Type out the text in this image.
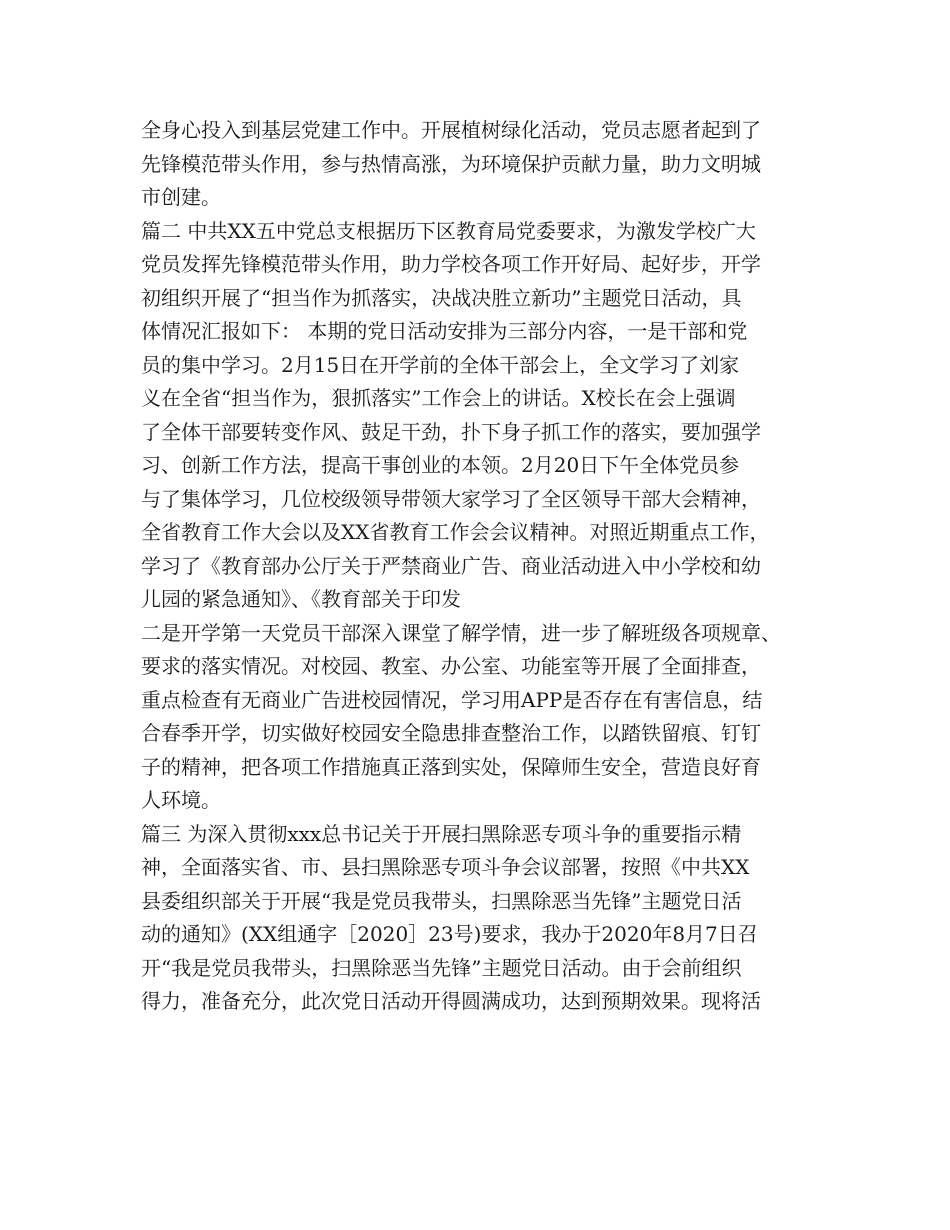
全身心投入到基层党建工作中。开展植树绿化活动，党员志愿者起到了
先锋模范带头作用，参与热情高涨，为环境保护贡献力量，助力文明城
市创建。
篇二 中共XX五中党总支根据历下区教育局党委要求，为激发学校广大
党员发挥先锋模范带头作用，助力学校各项工作开好局、起好步，开学
初组织开展了“担当作为抓落实，决战决胜立新功”主题党日活动，具
体情况汇报如下： 本期的党日活动安排为三部分内容，一是干部和党
员的集中学习。2月15日在开学前的全体干部会上，全文学习了刘家
义在全省“担当作为，狠抓落实”工作会上的讲话。X校长在会上强调
了全体干部要转变作风、鼓足干劲，扑下身子抓工作的落实，要加强学
习、创新工作方法，提高干事创业的本领。2月20日下午全体党员参
与了集体学习，几位校级领导带领大家学习了全区领导干部大会精神，
全省教育工作大会以及XX省教育工作会会议精神。对照近期重点工作，
学习了《教育部办公厅关于严禁商业广告、商业活动进入中小学校和幼
儿园的紧急通知》、《教育部关于印发
二是开学第一天党员干部深入课堂了解学情，进一步了解班级各项规章、
要求的落实情况。对校园、教室、办公室、功能室等开展了全面排查，
重点检查有无商业广告进校园情况，学习用APP是否存在有害信息，结
合春季开学，切实做好校园安全隐患排查整治工作，以踏铁留痕、钉钉
子的精神，把各项工作措施真正落到实处，保障师生安全，营造良好育
人环境。
篇三 为深入贯彻xxx总书记关于开展扫黑除恶专项斗争的重要指示精
神，全面落实省、市、县扫黑除恶专项斗争会议部署，按照《中共XX
县委组织部关于开展“我是党员我带头，扫黑除恶当先锋”主题党日活
动的通知》(XX组通字［2020］23号)要求，我办于2020年8月7日召
开“我是党员我带头，扫黑除恶当先锋”主题党日活动。由于会前组织
得力，准备充分，此次党日活动开得圆满成功，达到预期效果。现将活
